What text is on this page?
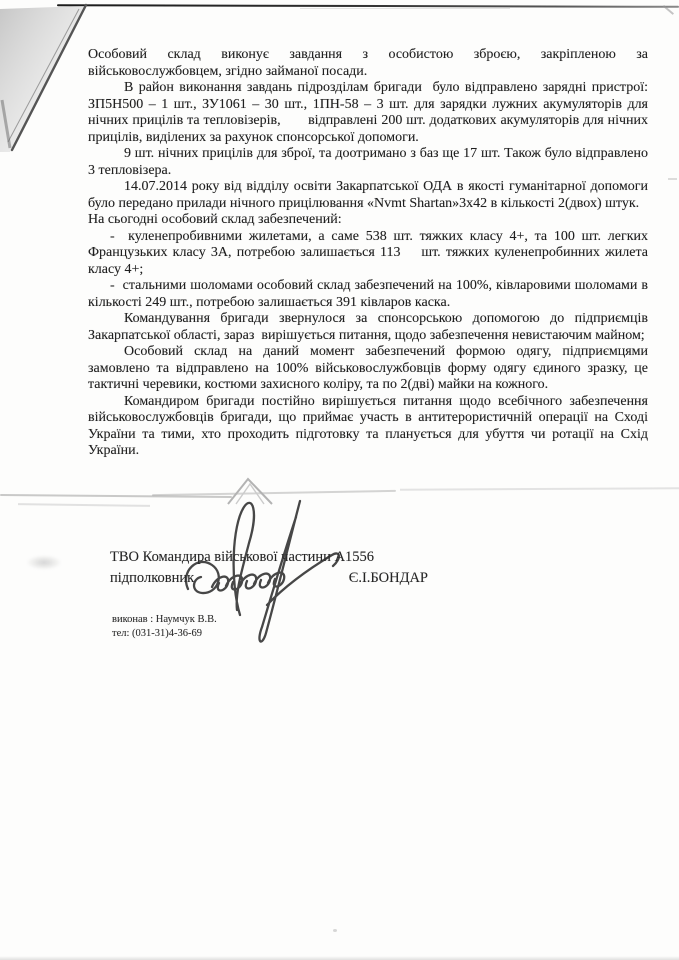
Особовий склад виконує завдання з особистою зброєю, закріпленою за військовослужбовцем, згідно займаної посади.

В район виконання завдань підрозділам бригади  було відправлено зарядні пристрої: ЗП5Н500 – 1 шт., ЗУ1061 – 30 шт., 1ПН-58 – 3 шт. для зарядки лужних акумуляторів для нічних прицілів та тепловізерів,       відправлені 200 шт. додаткових акумуляторів для нічних прицілів, виділених за рахунок спонсорської допомоги.

9 шт. нічних прицілів для зброї, та доотримано з баз ще 17 шт. Також було відправлено 3 тепловізера.

14.07.2014 року від відділу освіти Закарпатської ОДА в якості гуманітарної допомоги було передано прилади нічного прицілювання «Nvmt Shartan»3х42 в кількості 2(двох) штук.

На сьогодні особовий склад забезпечений:

-  куленепробивними жилетами, а саме 538 шт. тяжких класу 4+, та 100 шт. легких Французьких класу 3А, потребою залишається 113    шт. тяжких куленепробинних жилета класу 4+;

-  стальними шоломами особовий склад забезпечений на 100%, ківларовими шоломами в кількості 249 шт., потребою залишається 391 ківларов каска.

Командування бригади звернулося за спонсорською допомогою до підприємців Закарпатської області, зараз  вирішується питання, щодо забезпечення невистаючим майном;

Особовий склад на даний момент забезпечений формою одягу, підприємцями замовлено та відправлено на 100% військовослужбовців форму одягу єдиного зразку, це тактичні черевики, костюми захисного коліру, та по 2(дві) майки на кожного.

Командиром бригади постійно вирішується питання щодо всебічного забезпечення військовослужбовців бригади, що приймає участь в антитерористичній операції на Сході України та тими, хто проходить підготовку та планується для убуття чи ротації на Схід України.

ТВО Командира військової частини А1556
підполковник	Є.І.БОНДАР
виконав : Наумчук В.В.
тел: (031-31)4-36-69
